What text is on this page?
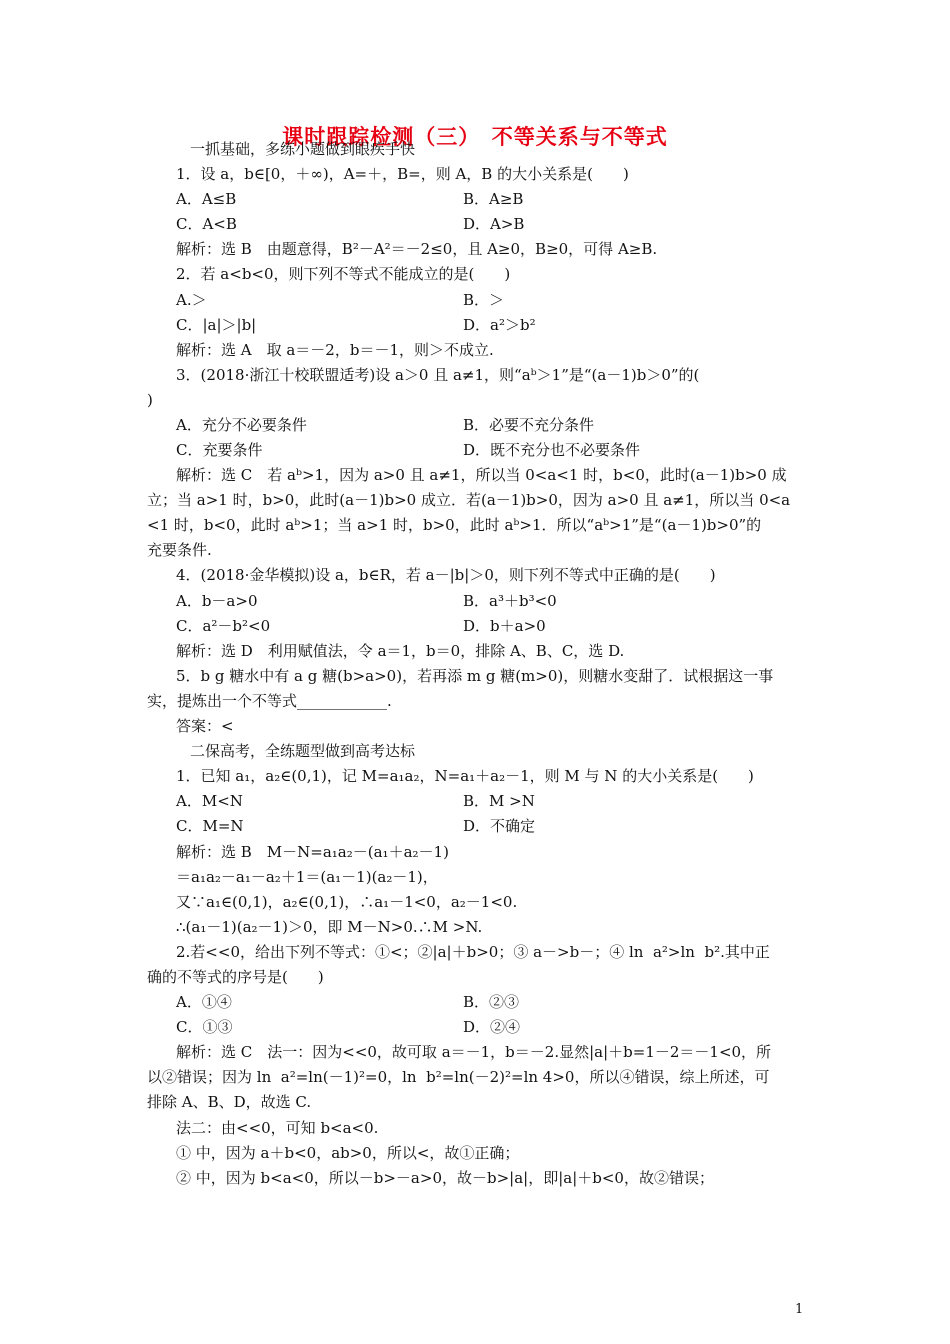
课时跟踪检测（三）　不等关系与不等式
一抓基础，多练小题做到眼疾手快
1．设 a，b∈[0，＋∞)，A=＋，B=，则 A，B 的大小关系是(　　)
A．A≤B	B．A≥B
C．A<B	D．A>B
解析：选 B　由题意得，B²－A²＝－2≤0，且 A≥0，B≥0，可得 A≥B.
2．若 a<b<0，则下列不等式不能成立的是(　　)
A.＞	B．＞
C．|a|＞|b|	D．a²＞b²
解析：选 A　取 a＝－2，b＝－1，则＞不成立.
3．(2018·浙江十校联盟适考)设 a＞0 且 a≠1，则“aᵇ＞1”是“(a－1)b＞0”的(
)
A．充分不必要条件	B．必要不充分条件
C．充要条件	D．既不充分也不必要条件
解析：选 C　若 aᵇ>1，因为 a>0 且 a≠1，所以当 0<a<1 时，b<0，此时(a－1)b>0 成
立；当 a>1 时，b>0，此时(a－1)b>0 成立．若(a－1)b>0，因为 a>0 且 a≠1，所以当 0<a
<1 时，b<0，此时 aᵇ>1；当 a>1 时，b>0，此时 aᵇ>1．所以“aᵇ>1”是“(a－1)b>0”的
充要条件.
4．(2018·金华模拟)设 a，b∈R，若 a－|b|＞0，则下列不等式中正确的是(　　)
A．b－a>0	B．a³＋b³<0
C．a²－b²<0	D．b＋a>0
解析：选 D　利用赋值法，令 a＝1，b＝0，排除 A、B、C，选 D.
5．b g 糖水中有 a g 糖(b>a>0)，若再添 m g 糖(m>0)，则糖水变甜了．试根据这一事
实，提炼出一个不等式____________.
答案：<
二保高考，全练题型做到高考达标
1．已知 a₁，a₂∈(0,1)，记 M=a₁a₂，N=a₁＋a₂－1，则 M 与 N 的大小关系是(　　)
A．M<N	B．M >N
C．M=N	D．不确定
解析：选 B　M－N=a₁a₂－(a₁＋a₂－1)
＝a₁a₂－a₁－a₂＋1＝(a₁－1)(a₂－1)，
又∵a₁∈(0,1)，a₂∈(0,1)，∴a₁－1<0，a₂－1<0.
∴(a₁－1)(a₂－1)＞0，即 M－N>0.∴M >N.
2.若<<0，给出下列不等式：①<；②|a|＋b>0；③ a－>b－；④ ln  a²>ln  b².其中正
确的不等式的序号是(　　)
A．①④	B．②③
C．①③	D．②④
解析：选 C　法一：因为<<0，故可取 a＝－1，b＝－2.显然|a|＋b=1－2＝－1<0，所
以②错误；因为 ln  a²=ln(－1)²=0，ln  b²=ln(－2)²=ln 4>0，所以④错误，综上所述，可
排除 A、B、D，故选 C.
法二：由<<0，可知 b<a<0.
① 中，因为 a＋b<0，ab>0，所以<，故①正确；
② 中，因为 b<a<0，所以－b>－a>0，故－b>|a|，即|a|＋b<0，故②错误；
1
